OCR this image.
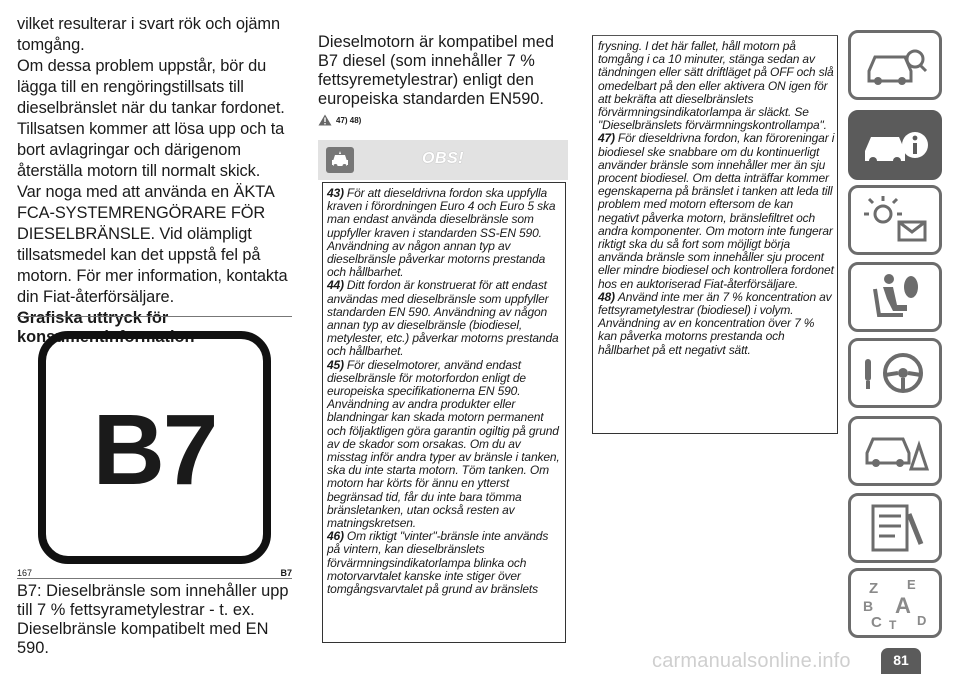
vilket resulterar i svart rök och ojämn tomgång.

Om dessa problem uppstår, bör du lägga till en rengöringstillsats till dieselbränslet när du tankar fordonet. Tillsatsen kommer att lösa upp och ta bort avlagringar och därigenom återställa motorn till normalt skick.

Var noga med att använda en ÄKTA FCA-SYSTEMRENGÖRARE FÖR DIESELBRÄNSLE. Vid olämpligt tillsatsmedel kan det uppstå fel på motorn. För mer information, kontakta din Fiat-återförsäljare.

Grafiska uttryck för konsumentinformation
B7
167	B7

B7: Dieselbränsle som innehåller upp till 7 % fettsyrametylestrar - t. ex. Dieselbränsle kompatibelt med EN 590.

Dieselmotorn är kompatibel med B7 diesel (som innehåller 7 % fettsyremetylestrar) enligt den europeiska standarden EN590.

47) 48)
OBS!

43) För att dieseldrivna fordon ska uppfylla kraven i förordningen Euro 4 och Euro 5 ska man endast använda dieselbränsle som uppfyller kraven i standarden SS-EN 590. Användning av någon annan typ av dieselbränsle påverkar motorns prestanda och hållbarhet.

44) Ditt fordon är konstruerat för att endast användas med dieselbränsle som uppfyller standarden EN 590. Användning av någon annan typ av dieselbränsle (biodiesel, metylester, etc.) påverkar motorns prestanda och hållbarhet.

45) För dieselmotorer, använd endast dieselbränsle för motorfordon enligt de europeiska specifikationerna EN 590. Användning av andra produkter eller blandningar kan skada motorn permanent och följaktligen göra garantin ogiltig på grund av de skador som orsakas. Om du av misstag inför andra typer av bränsle i tanken, ska du inte starta motorn. Töm tanken. Om motorn har körts för ännu en ytterst begränsad tid, får du inte bara tömma bränsletanken, utan också resten av matningskretsen.

46) Om riktigt "vinter"-bränsle inte används på vintern, kan dieselbränslets förvärmningsindikatorlampa blinka och motorvarvtalet kanske inte stiger över tomgångsvarvtalet på grund av bränslets

frysning. I det här fallet, håll motorn på tomgång i ca 10 minuter, stänga sedan av tändningen eller sätt driftläget på OFF och slå omedelbart på den eller aktivera ON igen för att bekräfta att dieselbränslets förvärmningsindikatorlampa är släckt. Se "Dieselbränslets förvärmningskontrollampa".

47) För dieseldrivna fordon, kan föroreningar i biodiesel ske snabbare om du kontinuerligt använder bränsle som innehåller mer än sju procent biodiesel. Om detta inträffar kommer egenskaperna på bränslet i tanken att leda till problem med motorn eftersom de kan negativt påverka motorn, bränslefiltret och andra komponenter. Om motorn inte fungerar riktigt ska du så fort som möjligt börja använda bränsle som innehåller sju procent eller mindre biodiesel och kontrollera fordonet hos en auktoriserad Fiat-återförsäljare.

48) Använd inte mer än 7 % koncentration av fettsyrametylestrar (biodiesel) i volym. Användning av en koncentration över 7 % kan påverka motorns prestanda och hållbarhet på ett negativt sätt.

Z E
B A
C T D
carmanualsonline.info	81
